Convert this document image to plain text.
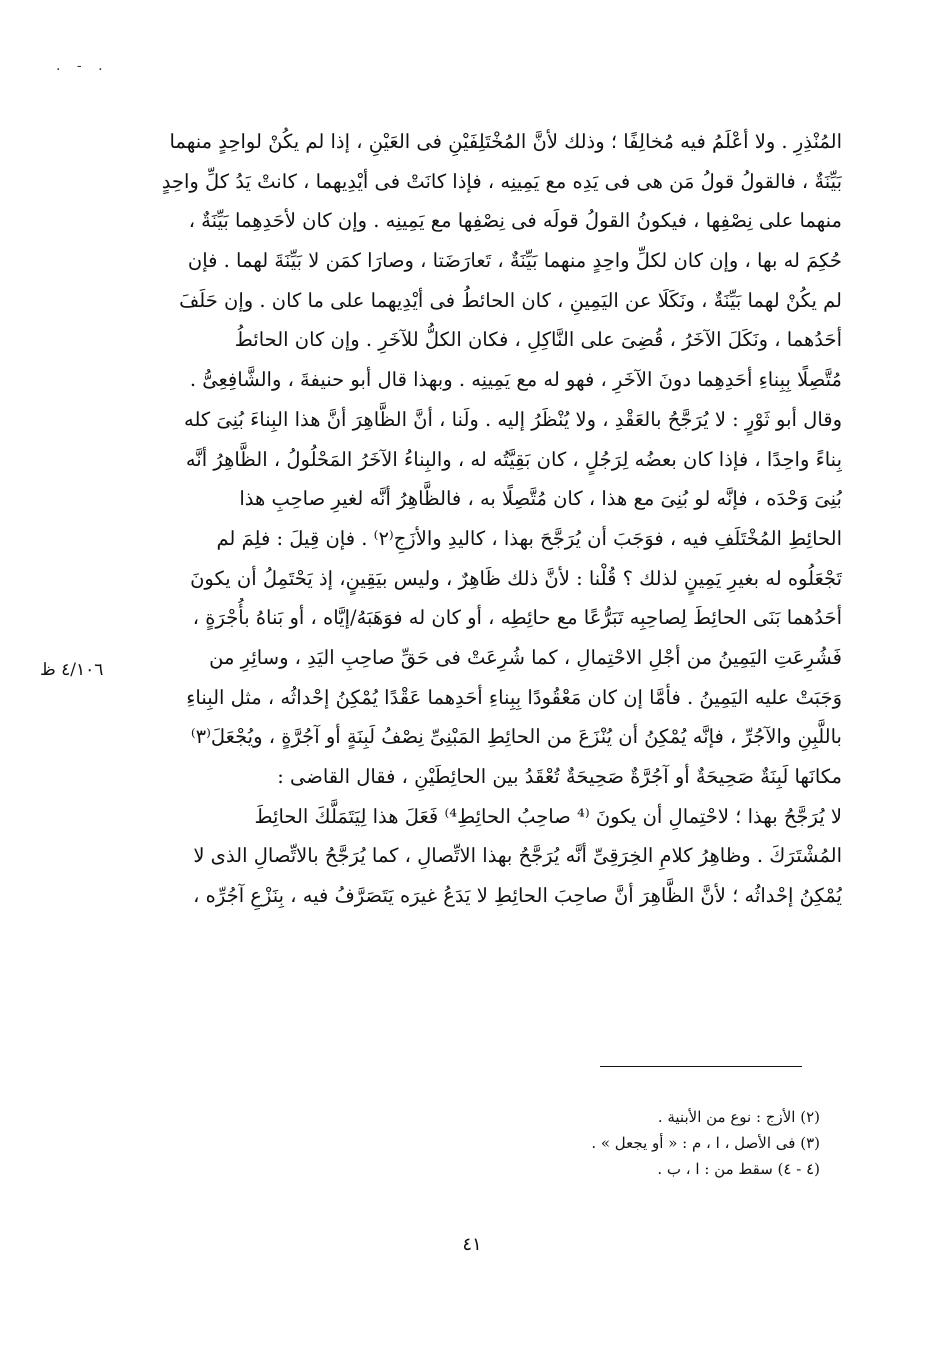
. - .
المُنْذِرِ . ولا أعْلَمُ فيه مُخالِفًا ؛ وذلك لأنَّ المُخْتَلِفَيْنِ فى العَيْنِ ، إذا لم يكُنْ لواحِدٍ منهما
بَيِّنَةٌ ، فالقولُ قولُ مَن هى فى يَدِه مع يَمِينِه ، فإذا كانَتْ فى أيْدِيهما ، كانتْ يَدُ كلِّ واحِدٍ
منهما على نِصْفِها ، فيكونُ القولُ قولَه فى نِصْفِها مع يَمِينِه . وإن كان لأحَدِهِما بَيِّنَةٌ ،
حُكِمَ له بها ، وإن كان لكلِّ واحِدٍ منهما بَيِّنَةٌ ، تَعارَضَتا ، وصارَا كمَن لا بَيِّنَةَ لهما . فإن
لم يكُنْ لهما بَيِّنَةٌ ، ونَكَلَا عن اليَمِينِ ، كان الحائطُ فى أيْدِيهما على ما كان . وإن حَلَفَ
أحَدُهما ، ونَكَلَ الآخَرُ ، قُضِىَ على النَّاكِلِ ، فكان الكلُّ للآخَرِ . وإن كان الحائطُ
مُتَّصِلًا بِبِناءِ أحَدِهِما دونَ الآخَرِ ، فهو له مع يَمِينِه . وبهذا قال أبو حنيفةَ ، والشَّافِعِىُّ .
وقال أبو ثَوْرٍ : لا يُرَجَّحُ بالعَقْدِ ، ولا يُنْظَرُ إليه . ولَنا ، أنَّ الظَّاهِرَ أنَّ هذا البِناءَ بُنِىَ كله
بِناءً واحِدًا ، فإذا كان بعضُه لِرَجُلٍ ، كان بَقِيَّتُه له ، والبِناءُ الآخَرُ المَحْلُولُ ، الظَّاهِرُ أنَّه
بُنِىَ وَحْدَه ، فإنَّه لو بُنِىَ مع هذا ، كان مُتَّصِلًا به ، فالظَّاهِرُ أنَّه لغيرِ صاحِبِ هذا
الحائِطِ المُخْتَلَفِ فيه ، فوَجَبَ أن يُرَجَّحَ بهذا ، كاليدِ والأزَجِ⁽٢⁾ . فإن قِيلَ : فلِمَ لم
تَجْعَلُوه له بغيرِ يَمِينٍ لذلك ؟ قُلْنا : لأنَّ ذلك ظَاهِرٌ ، وليس بيَقِينٍ، إذ يَحْتَمِلُ أن يكونَ
أحَدُهما بَنَى الحائِطَ لِصاحِبِه تَبَرُّعًا مع حائِطِه ، أو كان له فوَهَبَهُ/إيَّاه ، أو بَناهُ بأُجْرَةٍ ،
فَشُرِعَتِ اليَمِينُ من أجْلِ الاحْتِمالِ ، كما شُرِعَتْ فى حَقِّ صاحِبِ اليَدِ ، وسائِرِ من
وَجَبَتْ عليه اليَمِينُ . فأمَّا إن كان مَعْقُودًا بِبِناءِ أحَدِهما عَقْدًا يُمْكِنُ إحْداثُه ، مثل البِناءِ
باللَّبِنِ والآجُرِّ ، فإنَّه يُمْكِنُ أن يُنْزَعَ من الحائِطِ المَبْنِىِّ نِصْفُ لَبِنَةٍ أو آجُرَّةٍ ، ويُجْعَلَ⁽٣⁾
مكانَها لَبِنَةٌ صَحِيحَةٌ أو آجُرَّةٌ صَحِيحَةٌ تُعْقَدُ بين الحائِطَيْنِ ، فقال القاضى :
لا يُرَجَّحُ بهذا ؛ لاحْتِمالِ أن يكونَ ⁽⁴ صاحِبُ الحائِطِ⁴⁾ فَعَلَ هذا لِيَتَمَلَّكَ الحائِطَ
المُشْتَرَكَ . وظاهِرُ كلامِ الخِرَقِىِّ أنَّه يُرَجَّحُ بهذا الاتِّصالِ ، كما يُرَجَّحُ بالاتِّصالِ الذى لا
يُمْكِنُ إحْداثُه ؛ لأنَّ الظَّاهِرَ أنَّ صاحِبَ الحائِطِ لا يَدَعُ غيرَه يَتَصَرَّفُ فيه ، بِنَزْعِ آجُرِّه ،
٤/١٠٦ ظ
(٢) الأزج : نوع من الأبنية .
(٣) فى الأصل ، ا ، م : « أو يجعل » .
(٤ - ٤) سقط من : ا ، ب .
٤١
